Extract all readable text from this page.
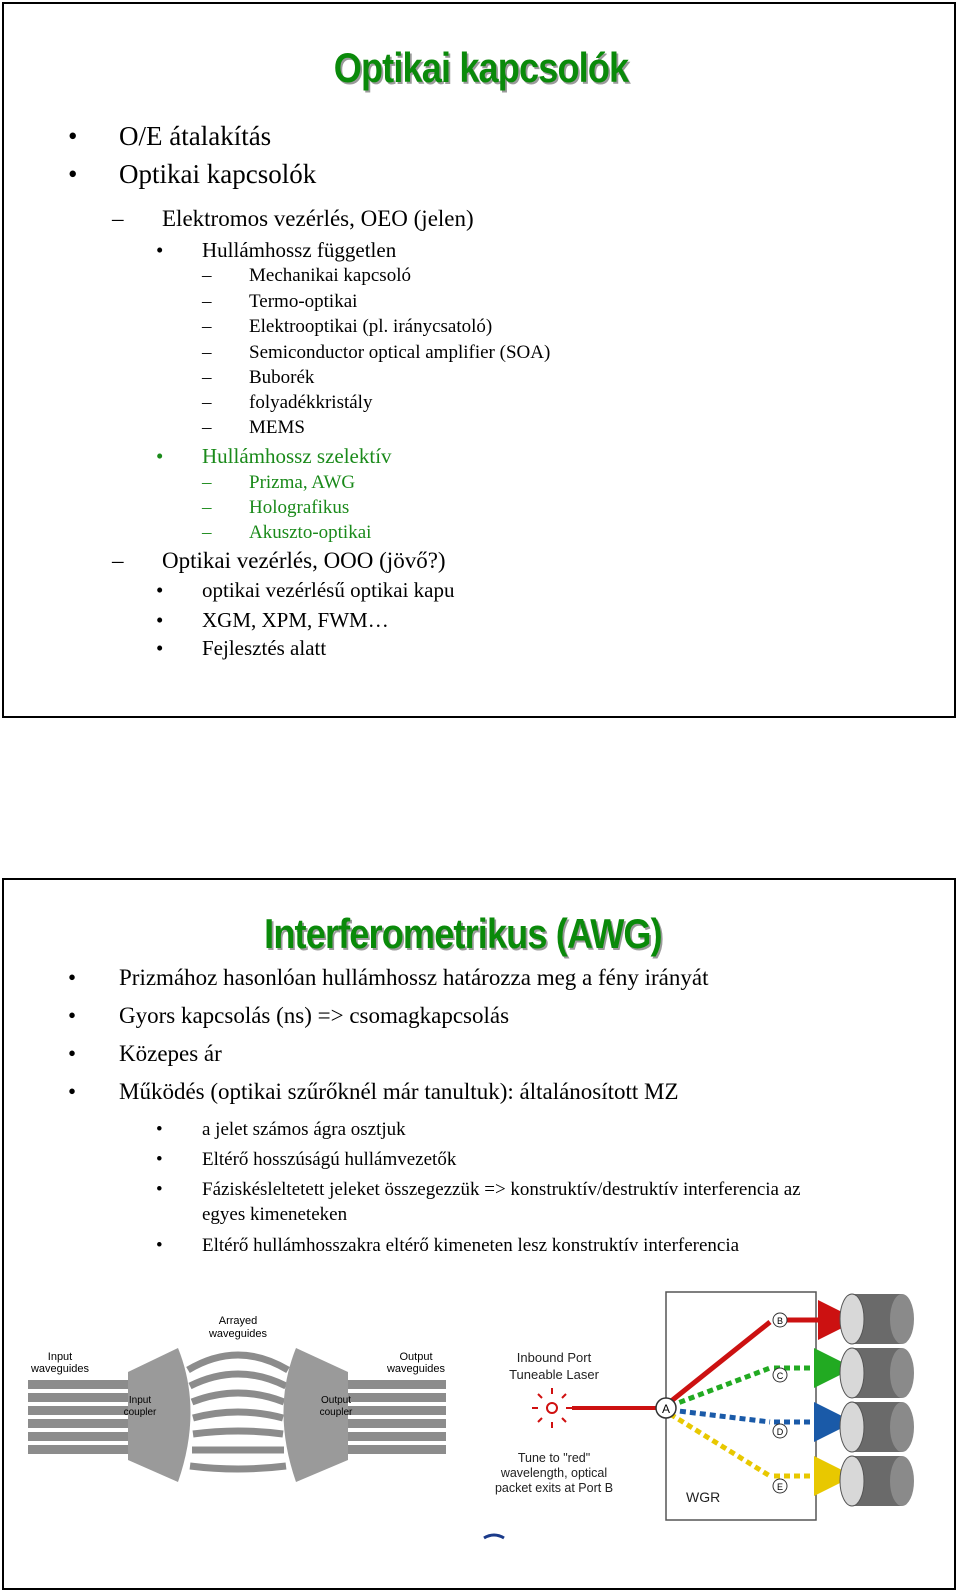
Optikai kapcsolók
• O/E átalakítás
• Optikai kapcsolók
– Elektromos vezérlés, OEO (jelen)
• Hullámhossz független
– Mechanikai kapcsoló
– Termo-optikai
– Elektrooptikai (pl. iránycsatoló)
– Semiconductor optical amplifier (SOA)
– Buborék
– folyadékkristály
– MEMS
• Hullámhossz szelektív
– Prizma, AWG
– Holografikus
– Akuszto-optikai
– Optikai vezérlés, OOO (jövő?)
• optikai vezérlésű optikai kapu
• XGM, XPM, FWM…
• Fejlesztés alatt
Interferometrikus (AWG)
• Prizmához hasonlóan hullámhossz határozza meg a fény irányát
• Gyors kapcsolás (ns) => csomagkapcsolás
• Közepes ár
• Működés (optikai szűrőknél már tanultuk): általánosított MZ
• a jelet számos ágra osztjuk
• Eltérő hosszúságú hullámvezetők
• Fáziskésleltetett jeleket összegezzük => konstruktív/destruktív interferencia az
egyes kimeneteken
• Eltérő hullámhosszakra eltérő kimeneten lesz konstruktív interferencia
Arrayed
waveguides
Input
waveguides
Output
waveguides
Input
coupler
Output
coupler
WGR
Inbound Port
Tuneable Laser
Tune to "red"
wavelength, optical
packet exits at Port B
A
B
C
D
E
